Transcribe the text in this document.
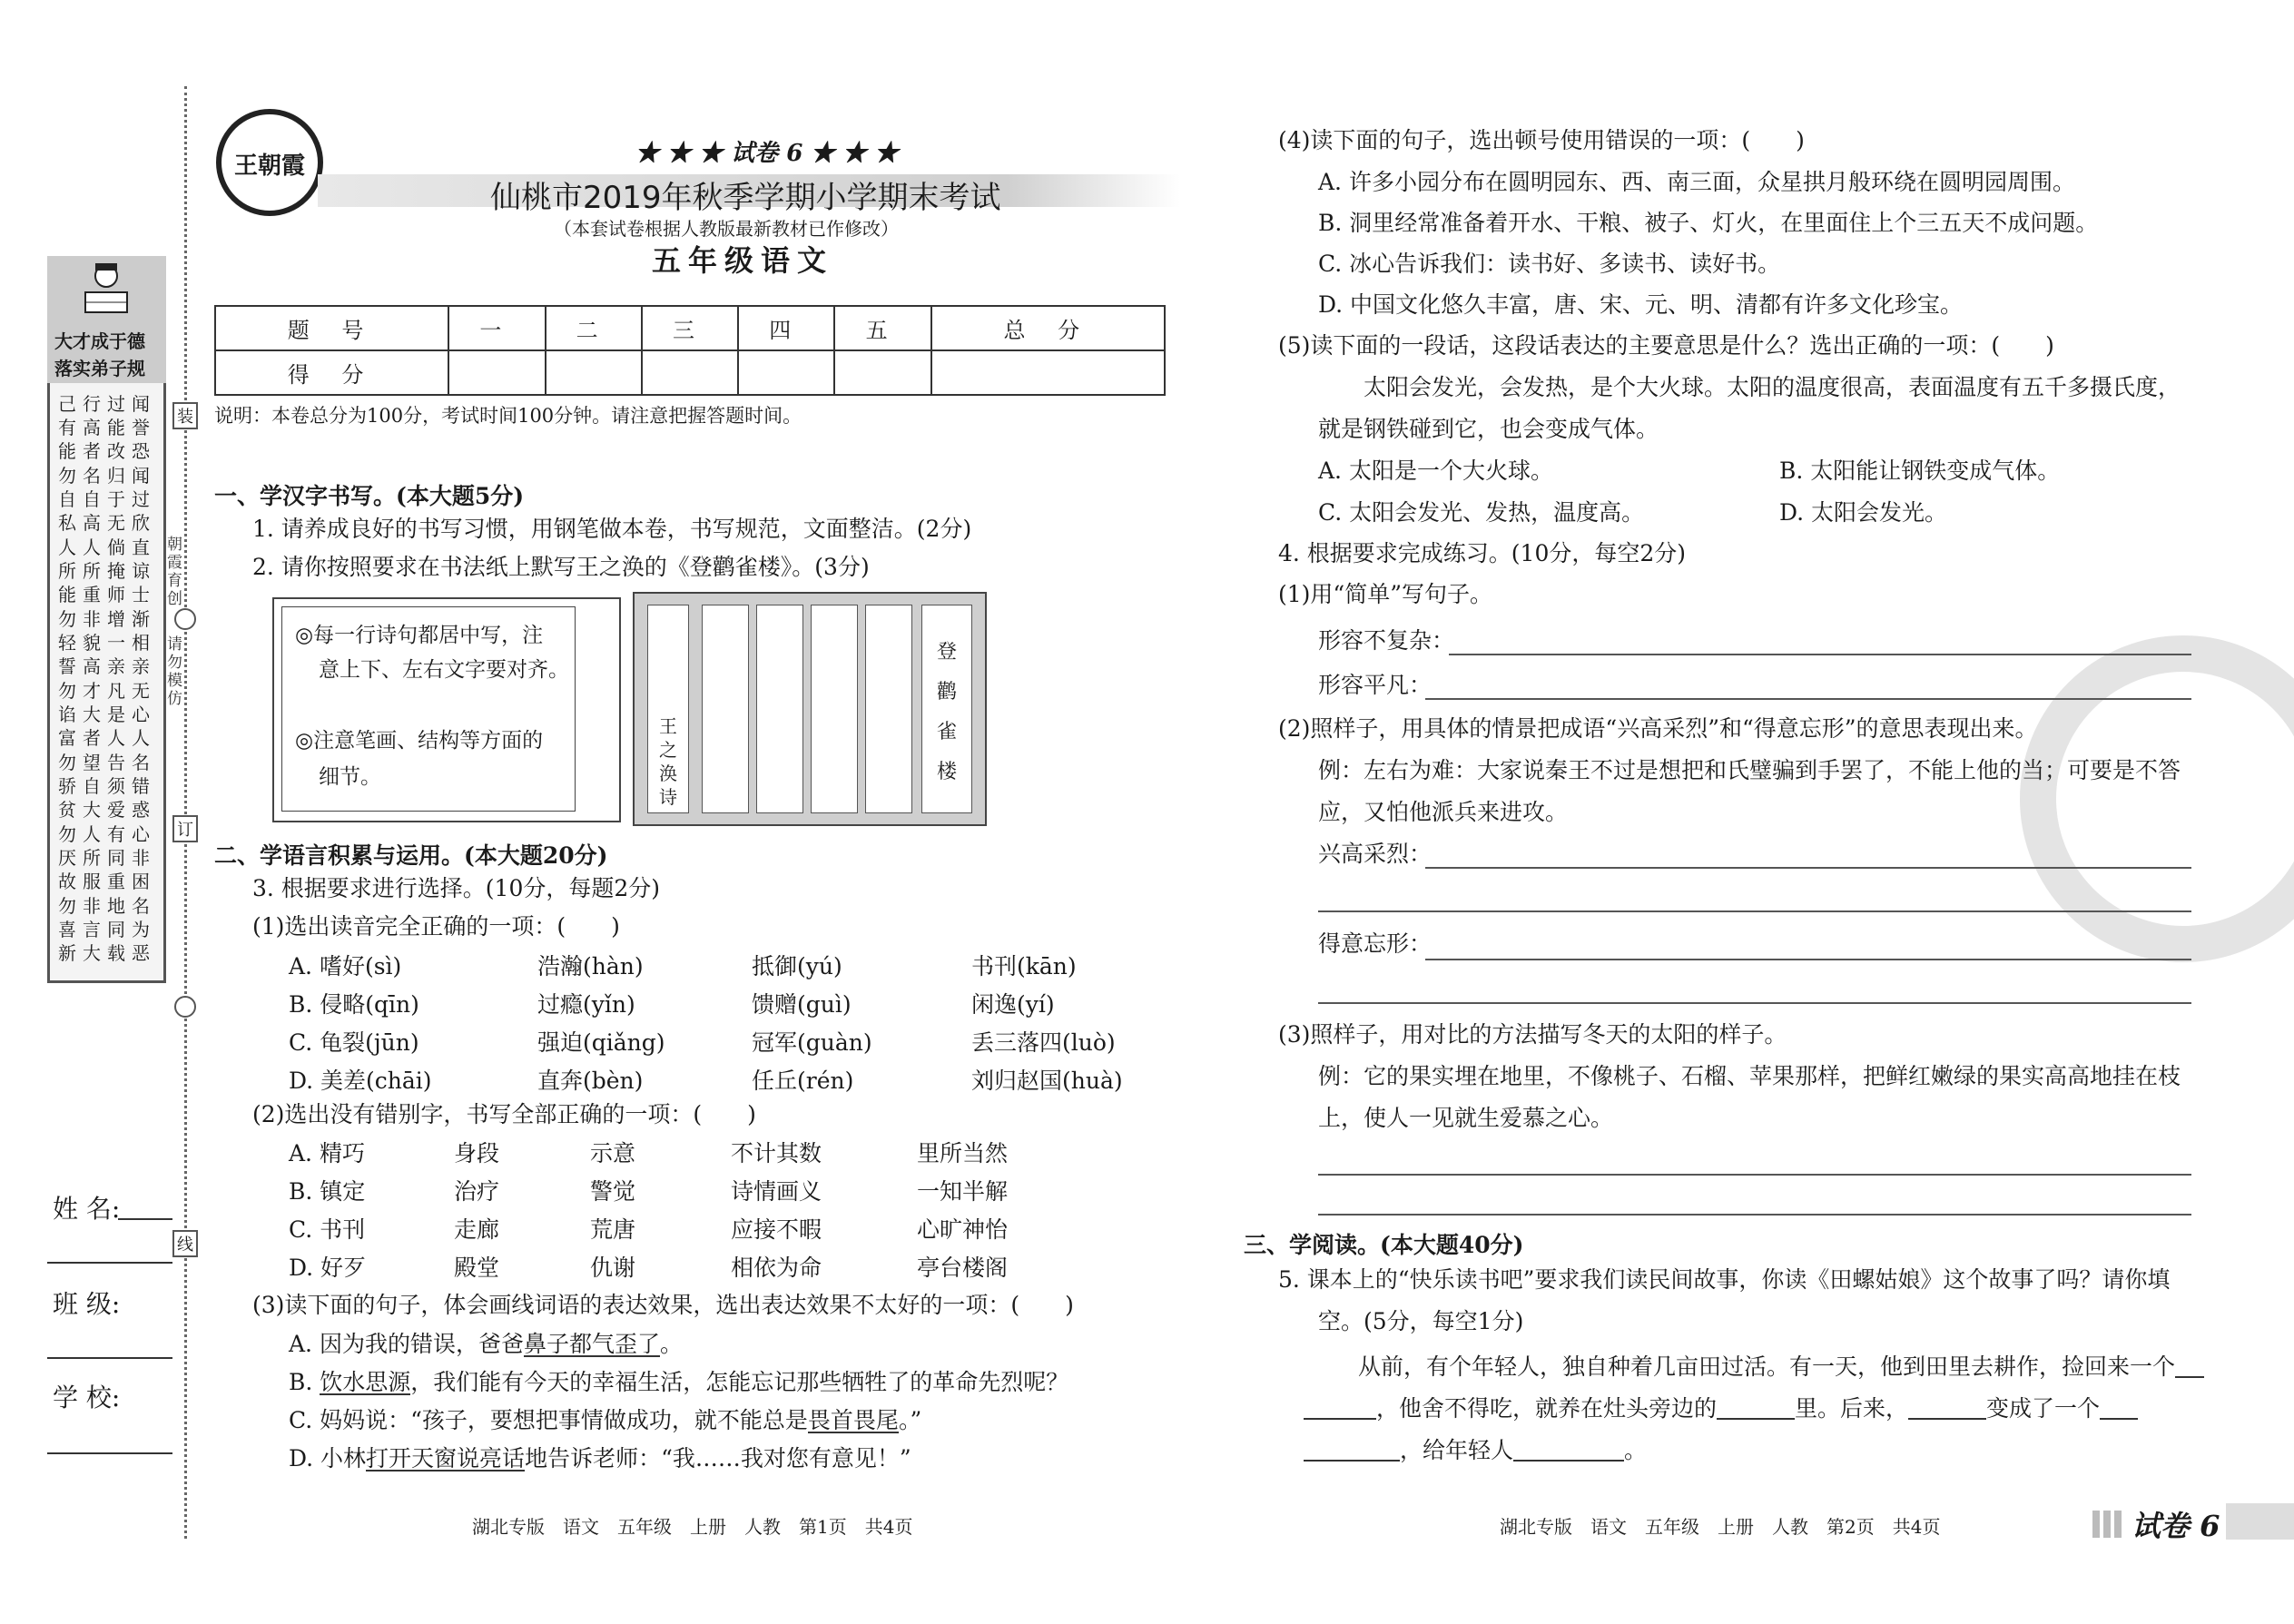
装
订
线
朝霞育创
请勿模仿
大才成于德
落实弟子规
己有能
行高者
过能改
闻誉恐
勿自私
名自高
归于无
闻过欣
人所能
人所重
倘掩师
直谅士
勿轻誓
非貌高
增一亲
渐相亲
勿谄富
才大者
凡是人
无心人
勿骄贫
望自大
告须爱
名错惑
勿厌故
人所服
有同重
心非困
勿喜新
非言大
地同载
名为恶
姓 名:
班 级:
学 校:
王朝霞	★ ★ ★ 试卷 6 ★ ★ ★
仙桃市2019年秋季学期小学期末考试
（本套试卷根据人教版最新教材已作修改）
五年级语文
题 号	一	二	三	四	五	总 分
得 分						
说明：本卷总分为100分，考试时间100分钟。请注意把握答题时间。
一、学汉字书写。(本大题5分)
1. 请养成良好的书写习惯，用钢笔做本卷，书写规范，文面整洁。(2分)
2. 请你按照要求在书法纸上默写王之涣的《登鹳雀楼》。(3分)
◎每一行诗句都居中写，注
意上下、左右文字要对齐。
◎注意笔画、结构等方面的
细节。
王之涣诗
登鹳雀楼
二、学语言积累与运用。(本大题20分)
3. 根据要求进行选择。(10分，每题2分)
(1)选出读音完全正确的一项：(　　)
A. 嗜好(sì)	浩瀚(hàn)	抵御(yú)	书刊(kān)
B. 侵略(qīn)	过瘾(yǐn)	馈赠(guì)	闲逸(yí)
C. 龟裂(jūn)	强迫(qiǎng)	冠军(guàn)	丢三落四(luò)
D. 美差(chāi)	直奔(bèn)	任丘(rén)	刘归赵国(huà)
(2)选出没有错别字，书写全部正确的一项：(　　)
A. 精巧	身段	示意	不计其数	里所当然
B. 镇定	治疗	警觉	诗情画义	一知半解
C. 书刊	走廊	荒唐	应接不暇	心旷神怡
D. 好歹	殿堂	仇谢	相依为命	亭台楼阁
(3)读下面的句子，体会画线词语的表达效果，选出表达效果不太好的一项：(　　)
A. 因为我的错误，爸爸鼻子都气歪了。
B. 饮水思源，我们能有今天的幸福生活，怎能忘记那些牺牲了的革命先烈呢？
C. 妈妈说：“孩子，要想把事情做成功，就不能总是畏首畏尾。”
D. 小林打开天窗说亮话地告诉老师：“我……我对您有意见！”
湖北专版　语文　五年级　上册　人教　第1页　共4页
(4)读下面的句子，选出顿号使用错误的一项：(　　)
A. 许多小园分布在圆明园东、西、南三面，众星拱月般环绕在圆明园周围。
B. 洞里经常准备着开水、干粮、被子、灯火，在里面住上个三五天不成问题。
C. 冰心告诉我们：读书好、多读书、读好书。
D. 中国文化悠久丰富，唐、宋、元、明、清都有许多文化珍宝。
(5)读下面的一段话，这段话表达的主要意思是什么？选出正确的一项：(　　)
太阳会发光，会发热，是个大火球。太阳的温度很高，表面温度有五千多摄氏度，
就是钢铁碰到它，也会变成气体。
A. 太阳是一个大火球。	B. 太阳能让钢铁变成气体。
C. 太阳会发光、发热，温度高。	D. 太阳会发光。
4. 根据要求完成练习。(10分，每空2分)
(1)用“简单”写句子。
形容不复杂：
形容平凡：
(2)照样子，用具体的情景把成语“兴高采烈”和“得意忘形”的意思表现出来。
例：左右为难：大家说秦王不过是想把和氏璧骗到手罢了，不能上他的当；可要是不答
应，又怕他派兵来进攻。
兴高采烈：
得意忘形：
(3)照样子，用对比的方法描写冬天的太阳的样子。
例：它的果实埋在地里，不像桃子、石榴、苹果那样，把鲜红嫩绿的果实高高地挂在枝
上，使人一见就生爱慕之心。
三、学阅读。(本大题40分)
5. 课本上的“快乐读书吧”要求我们读民间故事，你读《田螺姑娘》这个故事了吗？请你填
空。(5分，每空1分)
从前，有个年轻人，独自种着几亩田过活。有一天，他到田里去耕作，捡回来一个
，他舍不得吃，就养在灶头旁边的	里。后来，	变成了一个
，给年轻人	。
湖北专版　语文　五年级　上册　人教　第2页　共4页	试卷 6
